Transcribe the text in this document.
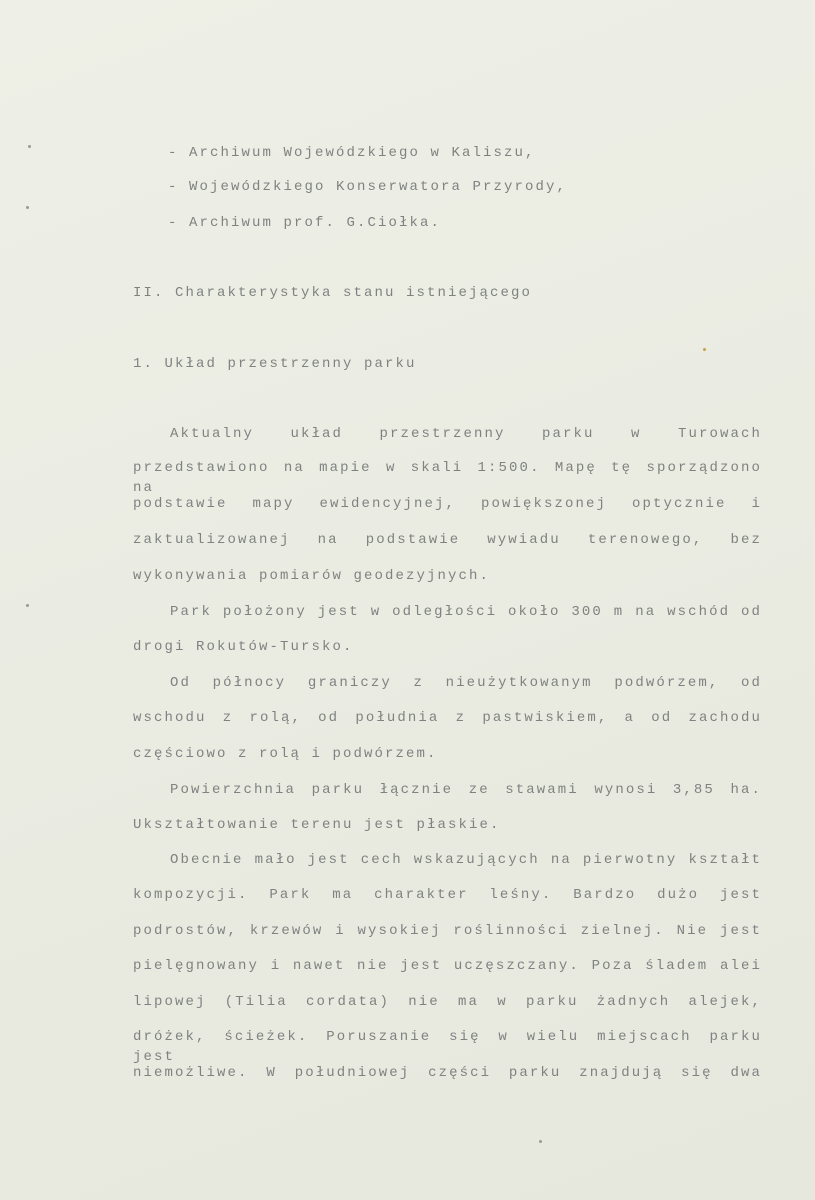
- Archiwum Wojewódzkiego w Kaliszu,
- Wojewódzkiego Konserwatora Przyrody,
- Archiwum prof. G.Ciołka.
II. Charakterystyka stanu istniejącego
1. Układ przestrzenny parku
Aktualny układ przestrzenny parku w Turowach
przedstawiono na mapie w skali 1:500. Mapę tę sporządzono na
podstawie mapy ewidencyjnej, powiększonej optycznie i
zaktualizowanej na podstawie wywiadu terenowego, bez
wykonywania pomiarów geodezyjnych.
Park położony jest w odległości około 300 m na wschód od
drogi Rokutów-Tursko.
Od północy graniczy z nieużytkowanym podwórzem, od
wschodu z rolą, od południa z pastwiskiem, a od zachodu
częściowo z rolą i podwórzem.
Powierzchnia parku łącznie ze stawami wynosi 3,85 ha.
Ukształtowanie terenu jest płaskie.
Obecnie mało jest cech wskazujących na pierwotny kształt
kompozycji. Park ma charakter leśny. Bardzo dużo jest
podrostów, krzewów i wysokiej roślinności zielnej. Nie jest
pielęgnowany i nawet nie jest uczęszczany. Poza śladem alei
lipowej (Tilia cordata) nie ma w parku żadnych alejek,
dróżek, ścieżek. Poruszanie się w wielu miejscach parku jest
niemożliwe. W południowej części parku znajdują się dwa
